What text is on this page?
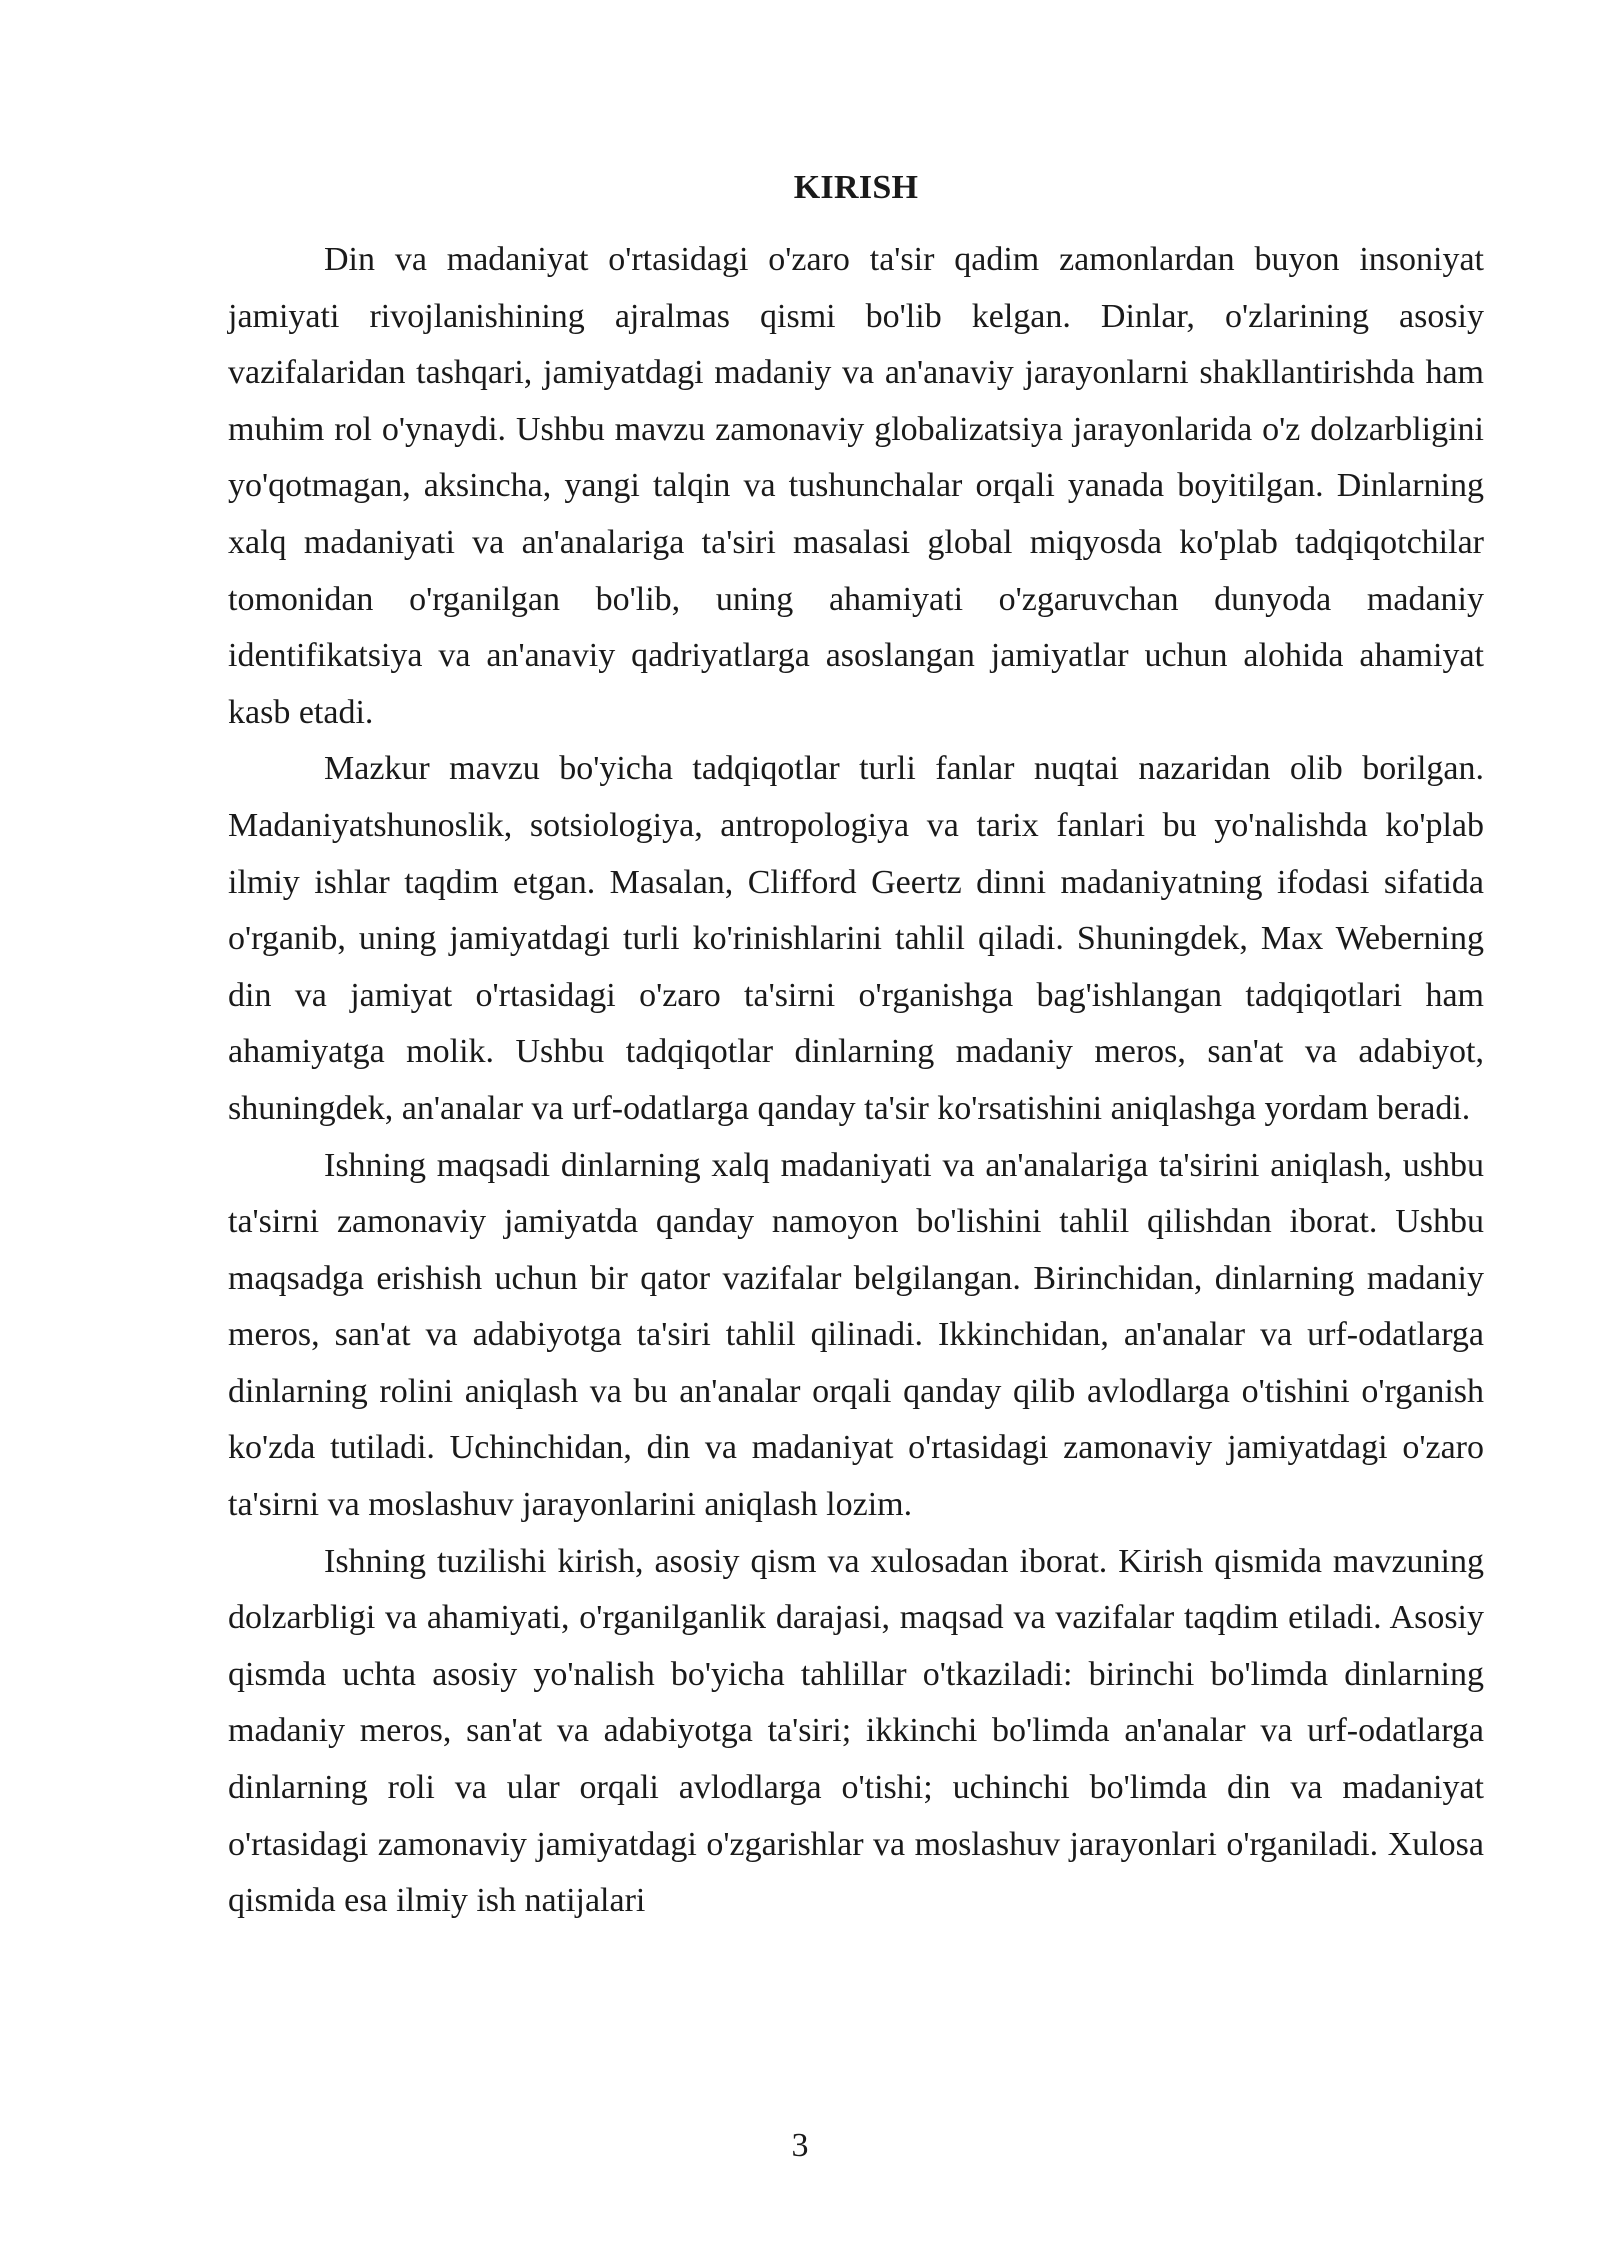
KIRISH

Din va madaniyat o'rtasidagi o'zaro ta'sir qadim zamonlardan buyon insoniyat jamiyati rivojlanishining ajralmas qismi bo'lib kelgan. Dinlar, o'zlarining asosiy vazifalaridan tashqari, jamiyatdagi madaniy va an'anaviy jarayonlarni shakllantirishda ham muhim rol o'ynaydi. Ushbu mavzu zamonaviy globalizatsiya jarayonlarida o'z dolzarbligini yo'qotmagan, aksincha, yangi talqin va tushunchalar orqali yanada boyitilgan. Dinlarning xalq madaniyati va an'analariga ta'siri masalasi global miqyosda ko'plab tadqiqotchilar tomonidan o'rganilgan bo'lib, uning ahamiyati o'zgaruvchan dunyoda madaniy identifikatsiya va an'anaviy qadriyatlarga asoslangan jamiyatlar uchun alohida ahamiyat kasb etadi.

Mazkur mavzu bo'yicha tadqiqotlar turli fanlar nuqtai nazaridan olib borilgan. Madaniyatshunoslik, sotsiologiya, antropologiya va tarix fanlari bu yo'nalishda ko'plab ilmiy ishlar taqdim etgan. Masalan, Clifford Geertz dinni madaniyatning ifodasi sifatida o'rganib, uning jamiyatdagi turli ko'rinishlarini tahlil qiladi. Shuningdek, Max Weberning din va jamiyat o'rtasidagi o'zaro ta'sirni o'rganishga bag'ishlangan tadqiqotlari ham ahamiyatga molik. Ushbu tadqiqotlar dinlarning madaniy meros, san'at va adabiyot, shuningdek, an'analar va urf-odatlarga qanday ta'sir ko'rsatishini aniqlashga yordam beradi.

Ishning maqsadi dinlarning xalq madaniyati va an'analariga ta'sirini aniqlash, ushbu ta'sirni zamonaviy jamiyatda qanday namoyon bo'lishini tahlil qilishdan iborat. Ushbu maqsadga erishish uchun bir qator vazifalar belgilangan. Birinchidan, dinlarning madaniy meros, san'at va adabiyotga ta'siri tahlil qilinadi. Ikkinchidan, an'analar va urf-odatlarga dinlarning rolini aniqlash va bu an'analar orqali qanday qilib avlodlarga o'tishini o'rganish ko'zda tutiladi. Uchinchidan, din va madaniyat o'rtasidagi zamonaviy jamiyatdagi o'zaro ta'sirni va moslashuv jarayonlarini aniqlash lozim.

Ishning tuzilishi kirish, asosiy qism va xulosadan iborat. Kirish qismida mavzuning dolzarbligi va ahamiyati, o'rganilganlik darajasi, maqsad va vazifalar taqdim etiladi. Asosiy qismda uchta asosiy yo'nalish bo'yicha tahlillar o'tkaziladi: birinchi bo'limda dinlarning madaniy meros, san'at va adabiyotga ta'siri; ikkinchi bo'limda an'analar va urf-odatlarga dinlarning roli va ular orqali avlodlarga o'tishi; uchinchi bo'limda din va madaniyat o'rtasidagi zamonaviy jamiyatdagi o'zgarishlar va moslashuv jarayonlari o'rganiladi. Xulosa qismida esa ilmiy ish natijalari

3
